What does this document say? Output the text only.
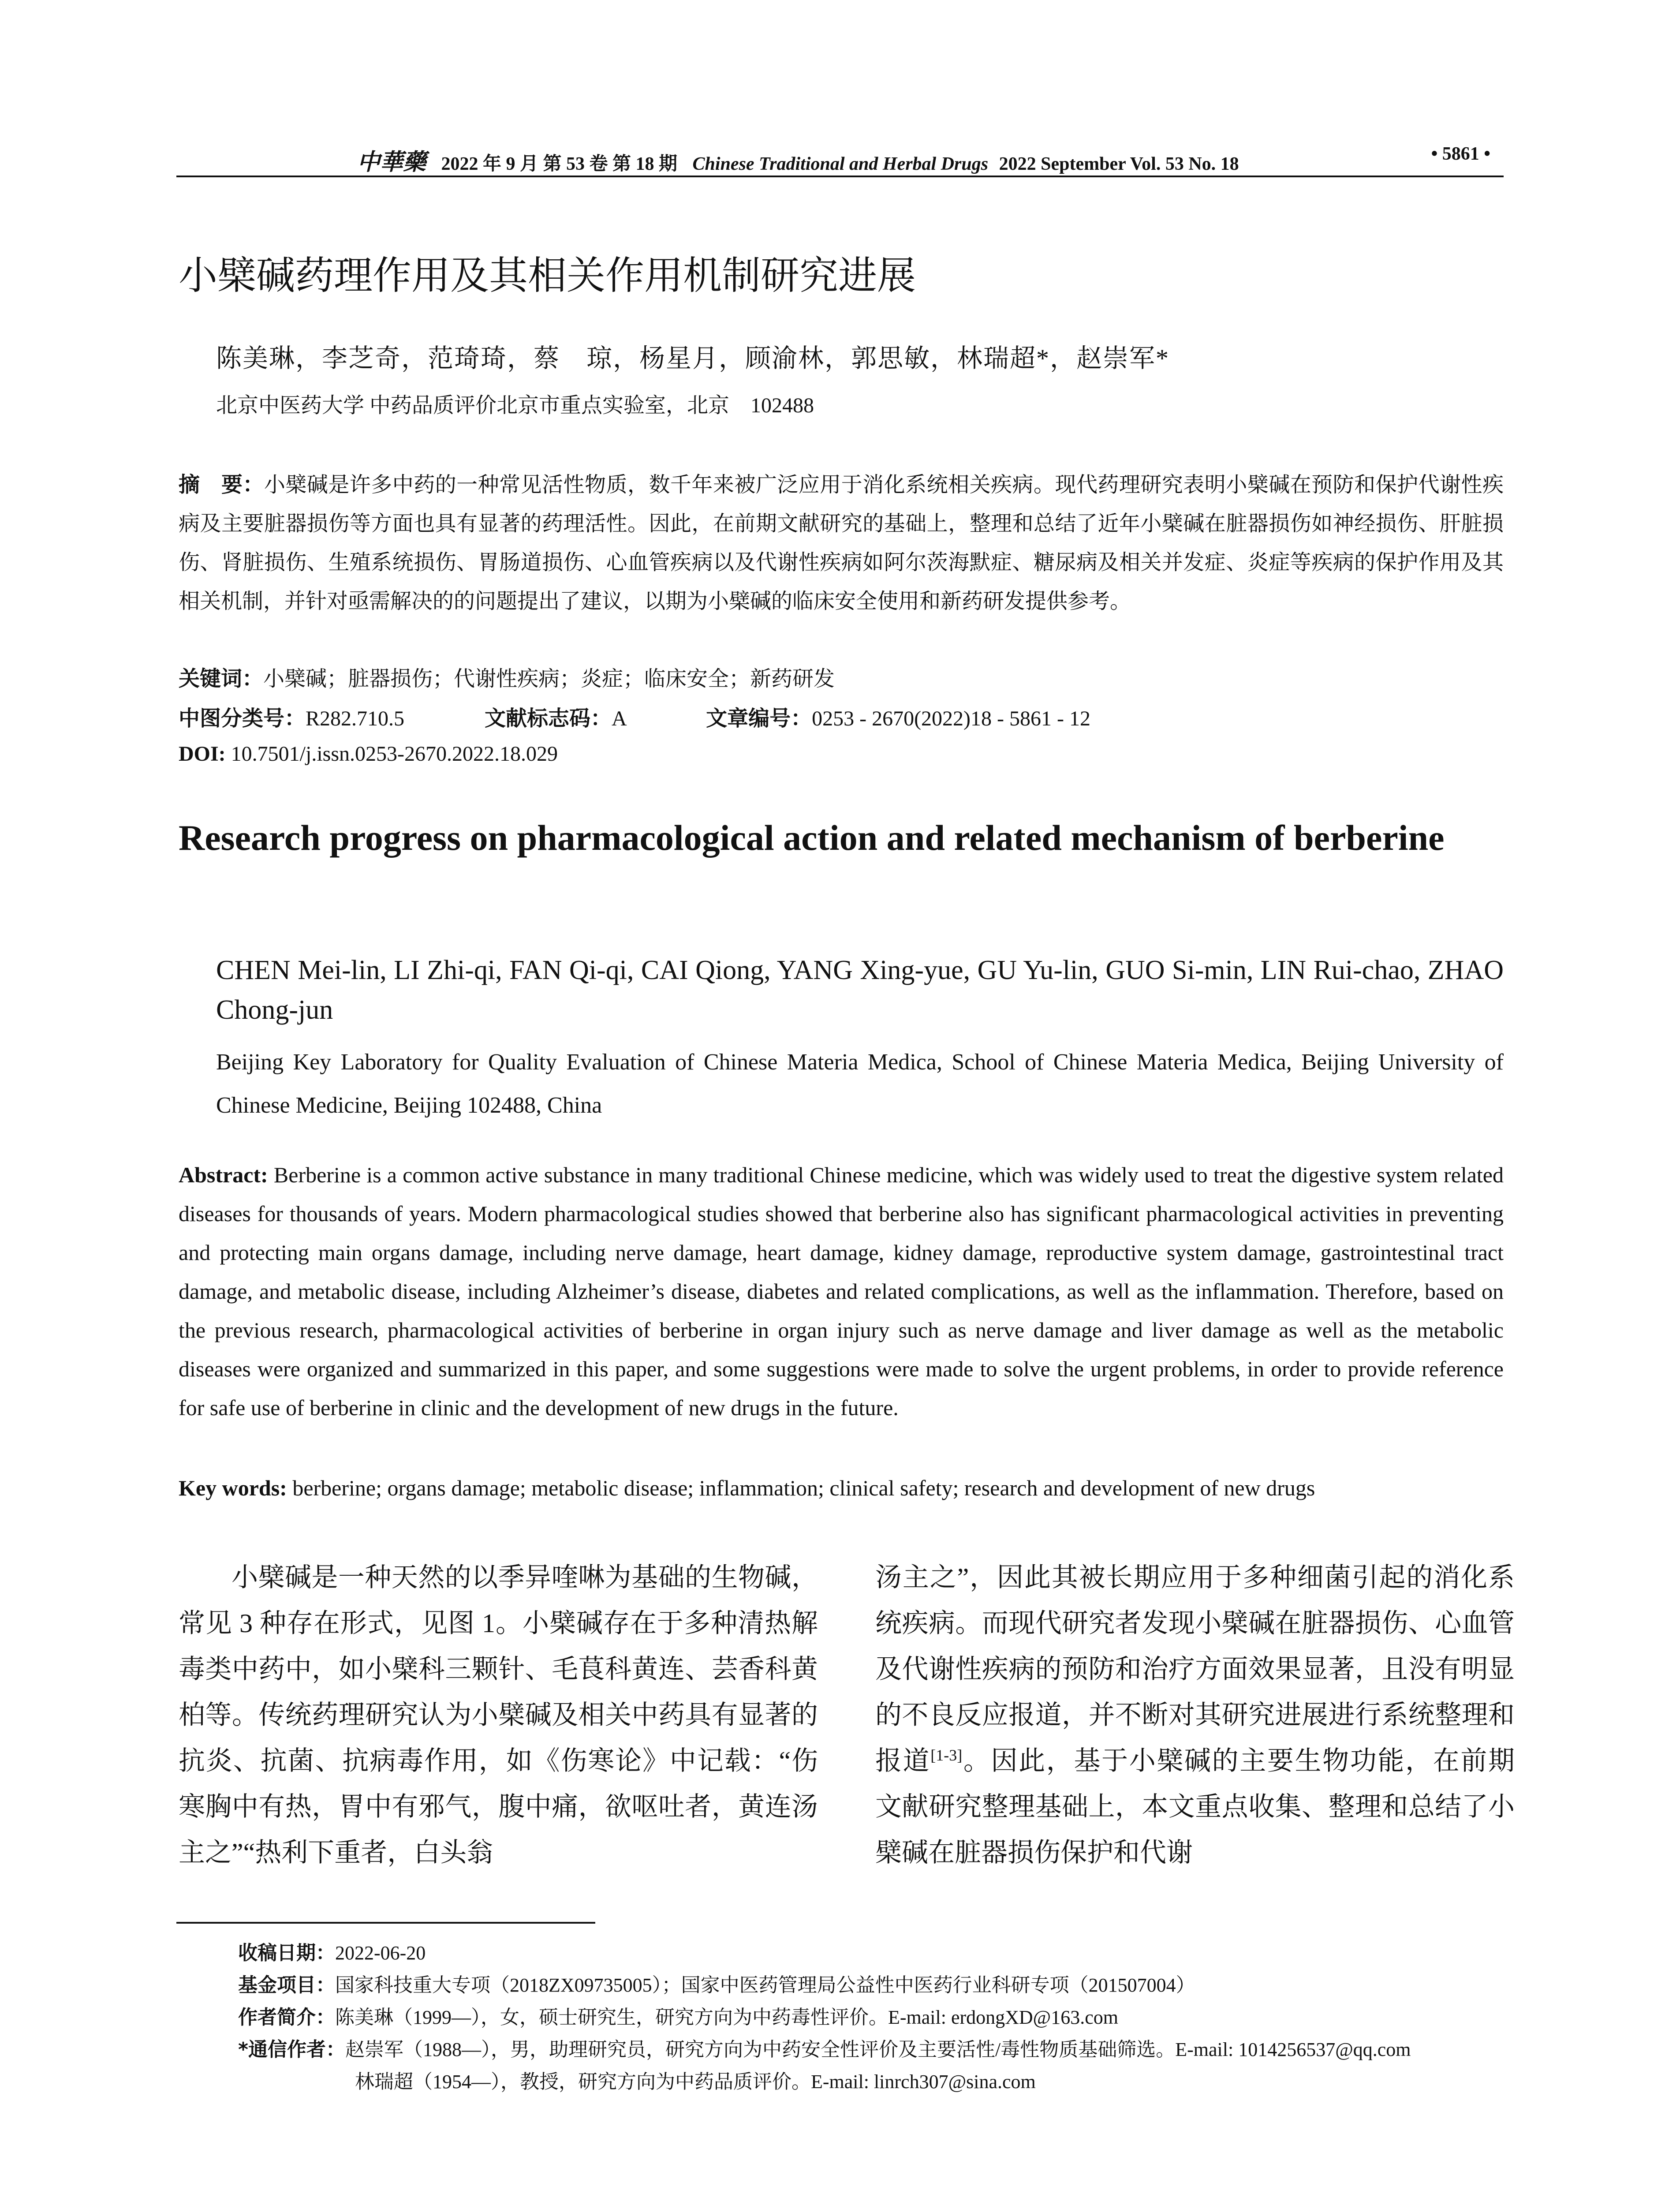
中華藥 2022 年 9 月 第 53 卷 第 18 期 Chinese Traditional and Herbal Drugs 2022 September Vol. 53 No. 18	• 5861 •
小檗碱药理作用及其相关作用机制研究进展
陈美琳，李芝奇，范琦琦，蔡　琼，杨星月，顾渝林，郭思敏，林瑞超*，赵崇军*
北京中医药大学 中药品质评价北京市重点实验室，北京　102488
摘　要：小檗碱是许多中药的一种常见活性物质，数千年来被广泛应用于消化系统相关疾病。现代药理研究表明小檗碱在预防和保护代谢性疾病及主要脏器损伤等方面也具有显著的药理活性。因此，在前期文献研究的基础上，整理和总结了近年小檗碱在脏器损伤如神经损伤、肝脏损伤、肾脏损伤、生殖系统损伤、胃肠道损伤、心血管疾病以及代谢性疾病如阿尔茨海默症、糖尿病及相关并发症、炎症等疾病的保护作用及其相关机制，并针对亟需解决的的问题提出了建议，以期为小檗碱的临床安全使用和新药研发提供参考。
关键词：小檗碱；脏器损伤；代谢性疾病；炎症；临床安全；新药研发
中图分类号：R282.710.5	文献标志码：A	文章编号：0253 - 2670(2022)18 - 5861 - 12
DOI: 10.7501/j.issn.0253-2670.2022.18.029
Research progress on pharmacological action and related mechanism of berberine
CHEN Mei-lin, LI Zhi-qi, FAN Qi-qi, CAI Qiong, YANG Xing-yue, GU Yu-lin, GUO Si-min, LIN Rui-chao, ZHAO Chong-jun
Beijing Key Laboratory for Quality Evaluation of Chinese Materia Medica, School of Chinese Materia Medica, Beijing University of Chinese Medicine, Beijing 102488, China
Abstract: Berberine is a common active substance in many traditional Chinese medicine, which was widely used to treat the digestive system related diseases for thousands of years. Modern pharmacological studies showed that berberine also has significant pharmacological activities in preventing and protecting main organs damage, including nerve damage, heart damage, kidney damage, reproductive system damage, gastrointestinal tract damage, and metabolic disease, including Alzheimer’s disease, diabetes and related complications, as well as the inflammation. Therefore, based on the previous research, pharmacological activities of berberine in organ injury such as nerve damage and liver damage as well as the metabolic diseases were organized and summarized in this paper, and some suggestions were made to solve the urgent problems, in order to provide reference for safe use of berberine in clinic and the development of new drugs in the future.
Key words: berberine; organs damage; metabolic disease; inflammation; clinical safety; research and development of new drugs
小檗碱是一种天然的以季异喹啉为基础的生物碱，常见 3 种存在形式，见图 1。小檗碱存在于多种清热解毒类中药中，如小檗科三颗针、毛茛科黄连、芸香科黄柏等。传统药理研究认为小檗碱及相关中药具有显著的抗炎、抗菌、抗病毒作用，如《伤寒论》中记载：“伤寒胸中有热，胃中有邪气，腹中痛，欲呕吐者，黄连汤主之”“热利下重者，白头翁
汤主之”，因此其被长期应用于多种细菌引起的消化系统疾病。而现代研究者发现小檗碱在脏器损伤、心血管及代谢性疾病的预防和治疗方面效果显著，且没有明显的不良反应报道，并不断对其研究进展进行系统整理和报道[1-3]。因此，基于小檗碱的主要生物功能，在前期文献研究整理基础上，本文重点收集、整理和总结了小檗碱在脏器损伤保护和代谢
收稿日期：2022-06-20
基金项目：国家科技重大专项（2018ZX09735005）；国家中医药管理局公益性中医药行业科研专项（201507004）
作者简介：陈美琳（1999—），女，硕士研究生，研究方向为中药毒性评价。E-mail: erdongXD@163.com
*通信作者：赵崇军（1988—），男，助理研究员，研究方向为中药安全性评价及主要活性/毒性物质基础筛选。E-mail: 1014256537@qq.com
林瑞超（1954—），教授，研究方向为中药品质评价。E-mail: linrch307@sina.com
